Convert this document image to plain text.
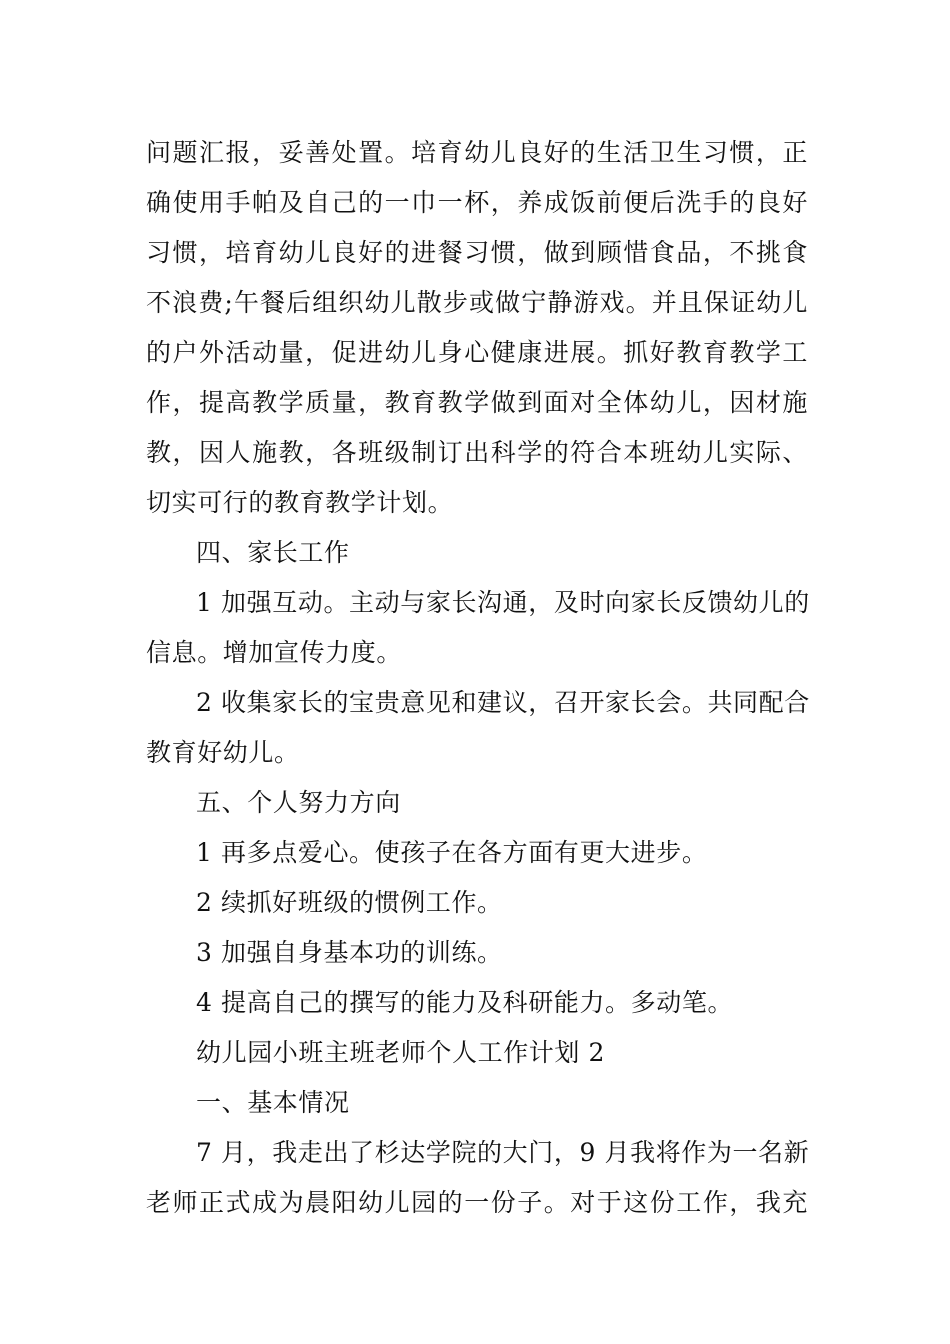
问题汇报，妥善处置。培育幼儿良好的生活卫生习惯，正
确使用手帕及自己的一巾一杯，养成饭前便后洗手的良好
习惯，培育幼儿良好的进餐习惯，做到顾惜食品，不挑食
不浪费;午餐后组织幼儿散步或做宁静游戏。并且保证幼儿
的户外活动量，促进幼儿身心健康进展。抓好教育教学工
作，提高教学质量，教育教学做到面对全体幼儿，因材施
教，因人施教，各班级制订出科学的符合本班幼儿实际、
切实可行的教育教学计划。
四、家长工作
1 加强互动。主动与家长沟通，及时向家长反馈幼儿的
信息。增加宣传力度。
2 收集家长的宝贵意见和建议，召开家长会。共同配合
教育好幼儿。
五、个人努力方向
1 再多点爱心。使孩子在各方面有更大进步。
2 续抓好班级的惯例工作。
3 加强自身基本功的训练。
4 提高自己的撰写的能力及科研能力。多动笔。
幼儿园小班主班老师个人工作计划 2
一、基本情况
7 月，我走出了杉达学院的大门，9 月我将作为一名新
老师正式成为晨阳幼儿园的一份子。对于这份工作，我充
